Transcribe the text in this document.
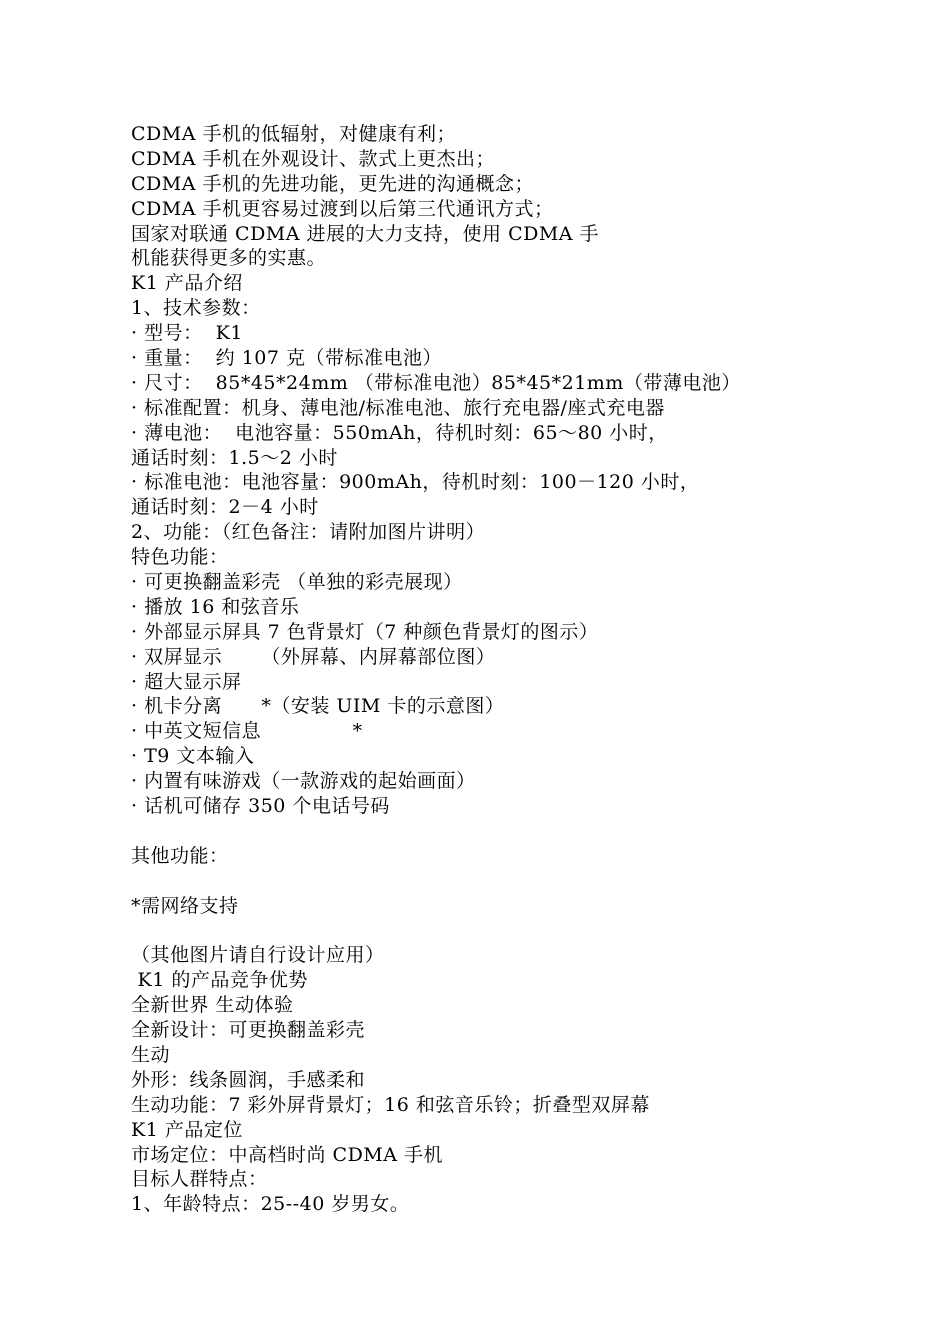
CDMA 手机的低辐射，对健康有利；
CDMA 手机在外观设计、款式上更杰出；
CDMA 手机的先进功能，更先进的沟通概念；
CDMA 手机更容易过渡到以后第三代通讯方式；
国家对联通 CDMA 进展的大力支持，使用 CDMA 手
机能获得更多的实惠。
K1 产品介绍
1、技术参数：
· 型号：  K1
· 重量：  约 107 克（带标准电池）
· 尺寸：  85*45*24mm （带标准电池）85*45*21mm（带薄电池）
· 标准配置：机身、薄电池/标准电池、旅行充电器/座式充电器
· 薄电池：  电池容量：550mAh，待机时刻：65～80 小时，
通话时刻：1.5～2 小时
· 标准电池：电池容量：900mAh，待机时刻：100－120 小时，
通话时刻：2－4 小时
2、功能：（红色备注：请附加图片讲明）
特色功能：
· 可更换翻盖彩壳 （单独的彩壳展现）
· 播放 16 和弦音乐
· 外部显示屏具 7 色背景灯（7 种颜色背景灯的图示）
· 双屏显示      （外屏幕、内屏幕部位图）
· 超大显示屏
· 机卡分离      *（安装 UIM 卡的示意图）
· 中英文短信息              *
· T9 文本输入
· 内置有味游戏（一款游戏的起始画面）
· 话机可储存 350 个电话号码
其他功能：
*需网络支持
（其他图片请自行设计应用）
K1 的产品竞争优势
全新世界 生动体验
全新设计：可更换翻盖彩壳
生动
外形：线条圆润，手感柔和
生动功能：7 彩外屏背景灯；16 和弦音乐铃；折叠型双屏幕
K1 产品定位
市场定位：中高档时尚 CDMA 手机
目标人群特点：
1、年龄特点：25--40 岁男女。
